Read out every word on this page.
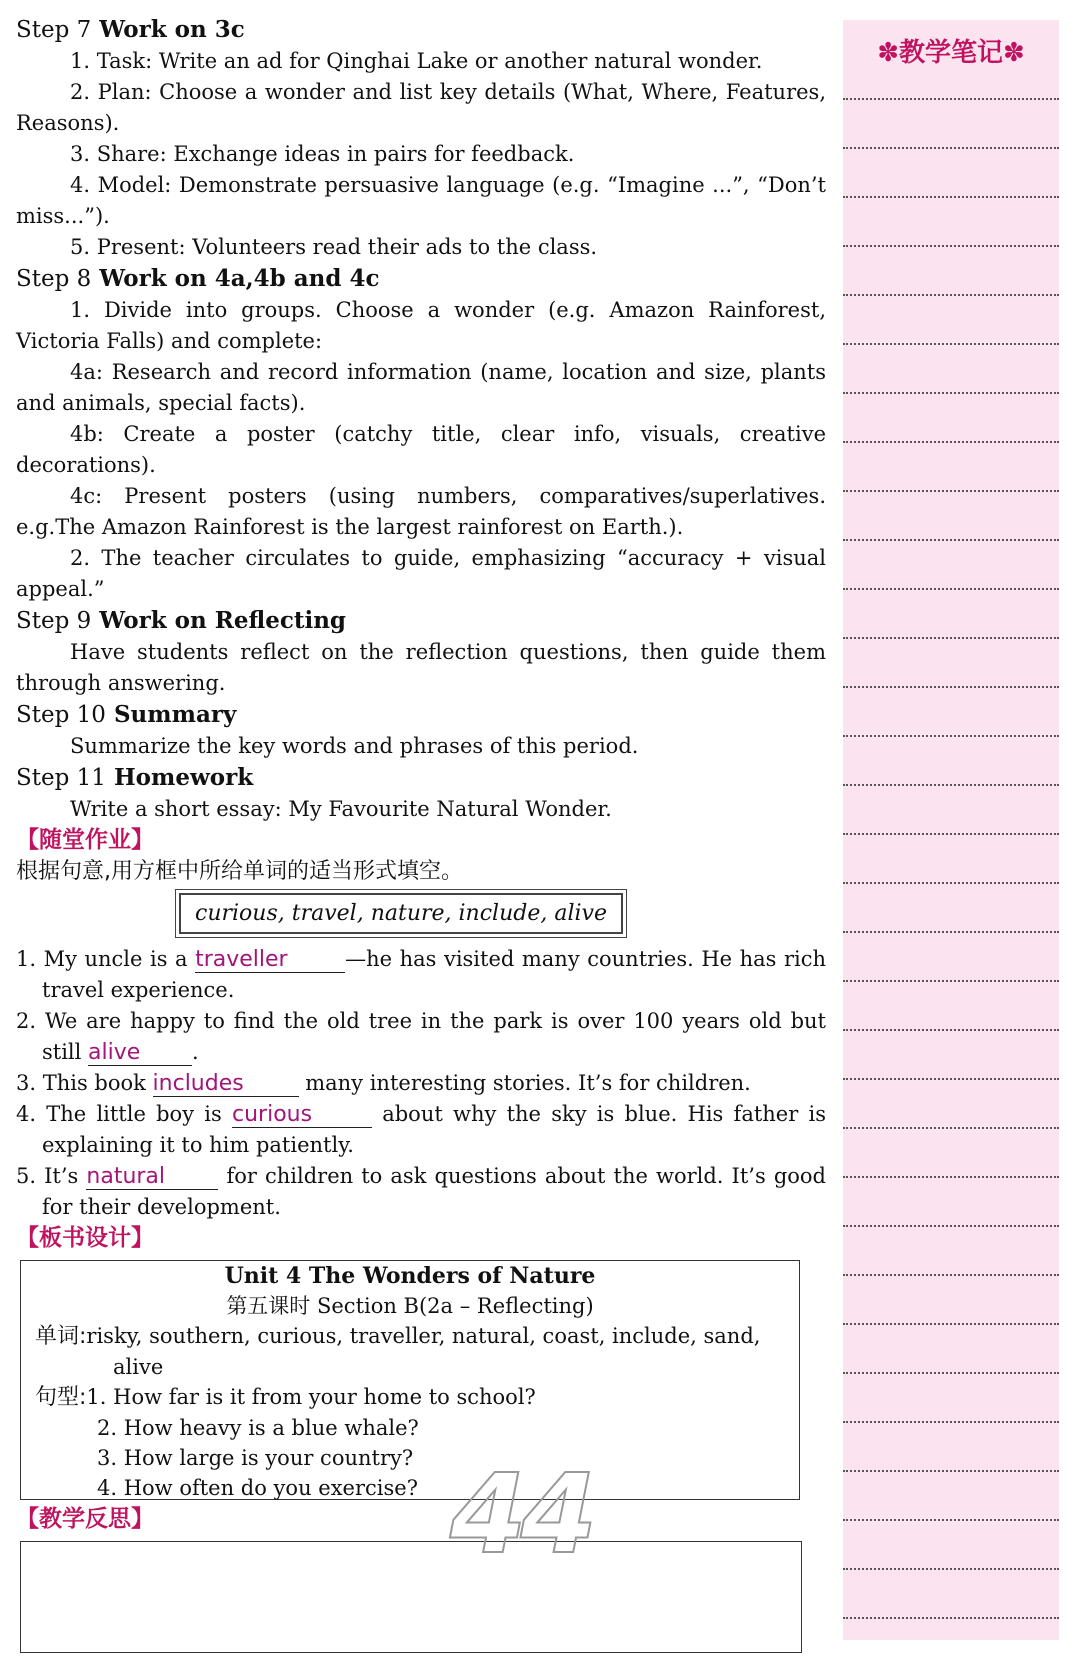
Step 7 Work on 3c
1. Task: Write an ad for Qinghai Lake or another natural wonder.
2. Plan: Choose a wonder and list key details (What, Where, Features, Reasons).
3. Share: Exchange ideas in pairs for feedback.
4. Model: Demonstrate persuasive language (e.g. “Imagine ...”, “Don’t miss...”).
5. Present: Volunteers read their ads to the class.
Step 8 Work on 4a,4b and 4c
1. Divide into groups. Choose a wonder (e.g. Amazon Rainforest, Victoria Falls) and complete:
4a: Research and record information (name, location and size, plants and animals, special facts).
4b: Create a poster (catchy title, clear info, visuals, creative decorations).
4c: Present posters (using numbers, comparatives/superlatives. e.g.The Amazon Rainforest is the largest rainforest on Earth.).
2. The teacher circulates to guide, emphasizing “accuracy + visual appeal.”
Step 9 Work on Reflecting
Have students reflect on the reflection questions, then guide them through answering.
Step 10 Summary
Summarize the key words and phrases of this period.
Step 11 Homework
Write a short essay: My Favourite Natural Wonder.
【随堂作业】
根据句意,用方框中所给单词的适当形式填空。
curious, travel, nature, include, alive
1. My uncle is a traveller	—he has visited many countries. He has rich travel experience.
2. We are happy to find the old tree in the park is over 100 years old but still alive .
3. This book includes	many interesting stories. It’s for children.
4. The little boy is curious	about why the sky is blue. His father is explaining it to him patiently.
5. It’s natural	for children to ask questions about the world. It’s good for their development.
【板书设计】
Unit 4 The Wonders of Nature
第五课时 Section B(2a – Reflecting)
单词:risky, southern, curious, traveller, natural, coast, include, sand, alive
句型:1. How far is it from your home to school?
2. How heavy is a blue whale?
3. How large is your country?
4. How often do you exercise?
【教学反思】	44
✽教学笔记✽
